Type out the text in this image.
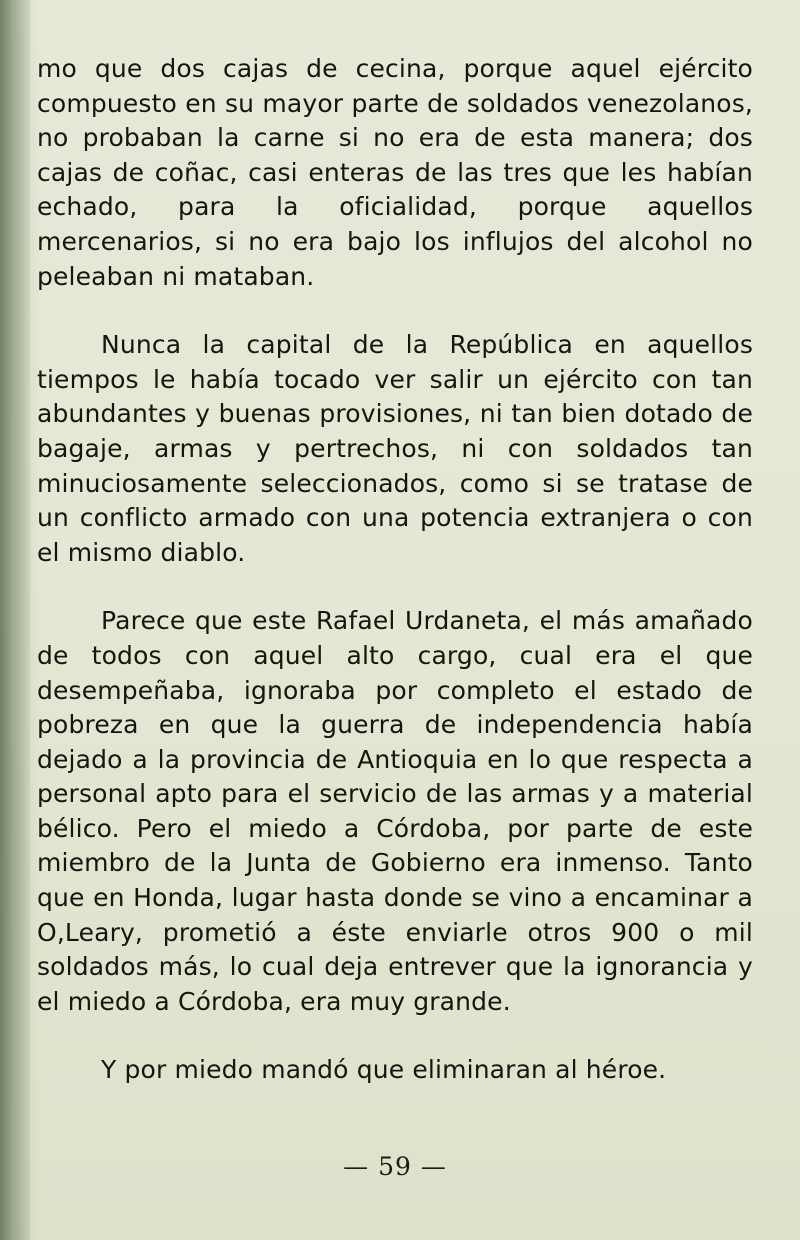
mo que dos cajas de cecina, porque aquel ejército compuesto en su mayor parte de soldados venezolanos, no probaban la carne si no era de esta manera; dos cajas de coñac, casi enteras de las tres que les habían echado, para la oficialidad, porque aquellos mercenarios, si no era bajo los influjos del alcohol no peleaban ni mataban.

Nunca la capital de la República en aquellos tiempos le había tocado ver salir un ejército con tan abundantes y buenas provisiones, ni tan bien dotado de bagaje, armas y pertrechos, ni con soldados tan minuciosamente seleccionados, como si se tratase de un conflicto armado con una potencia extranjera o con el mismo diablo.

Parece que este Rafael Urdaneta, el más amañado de todos con aquel alto cargo, cual era el que desempeñaba, ignoraba por completo el estado de pobreza en que la guerra de independencia había dejado a la provincia de Antioquia en lo que respecta a personal apto para el servicio de las armas y a material bélico. Pero el miedo a Córdoba, por parte de este miembro de la Junta de Gobierno era inmenso. Tanto que en Honda, lugar hasta donde se vino a encaminar a O,Leary, prometió a éste enviarle otros 900 o mil soldados más, lo cual deja entrever que la ignorancia y el miedo a Córdoba, era muy grande.

Y por miedo mandó que eliminaran al héroe.

— 59 —
